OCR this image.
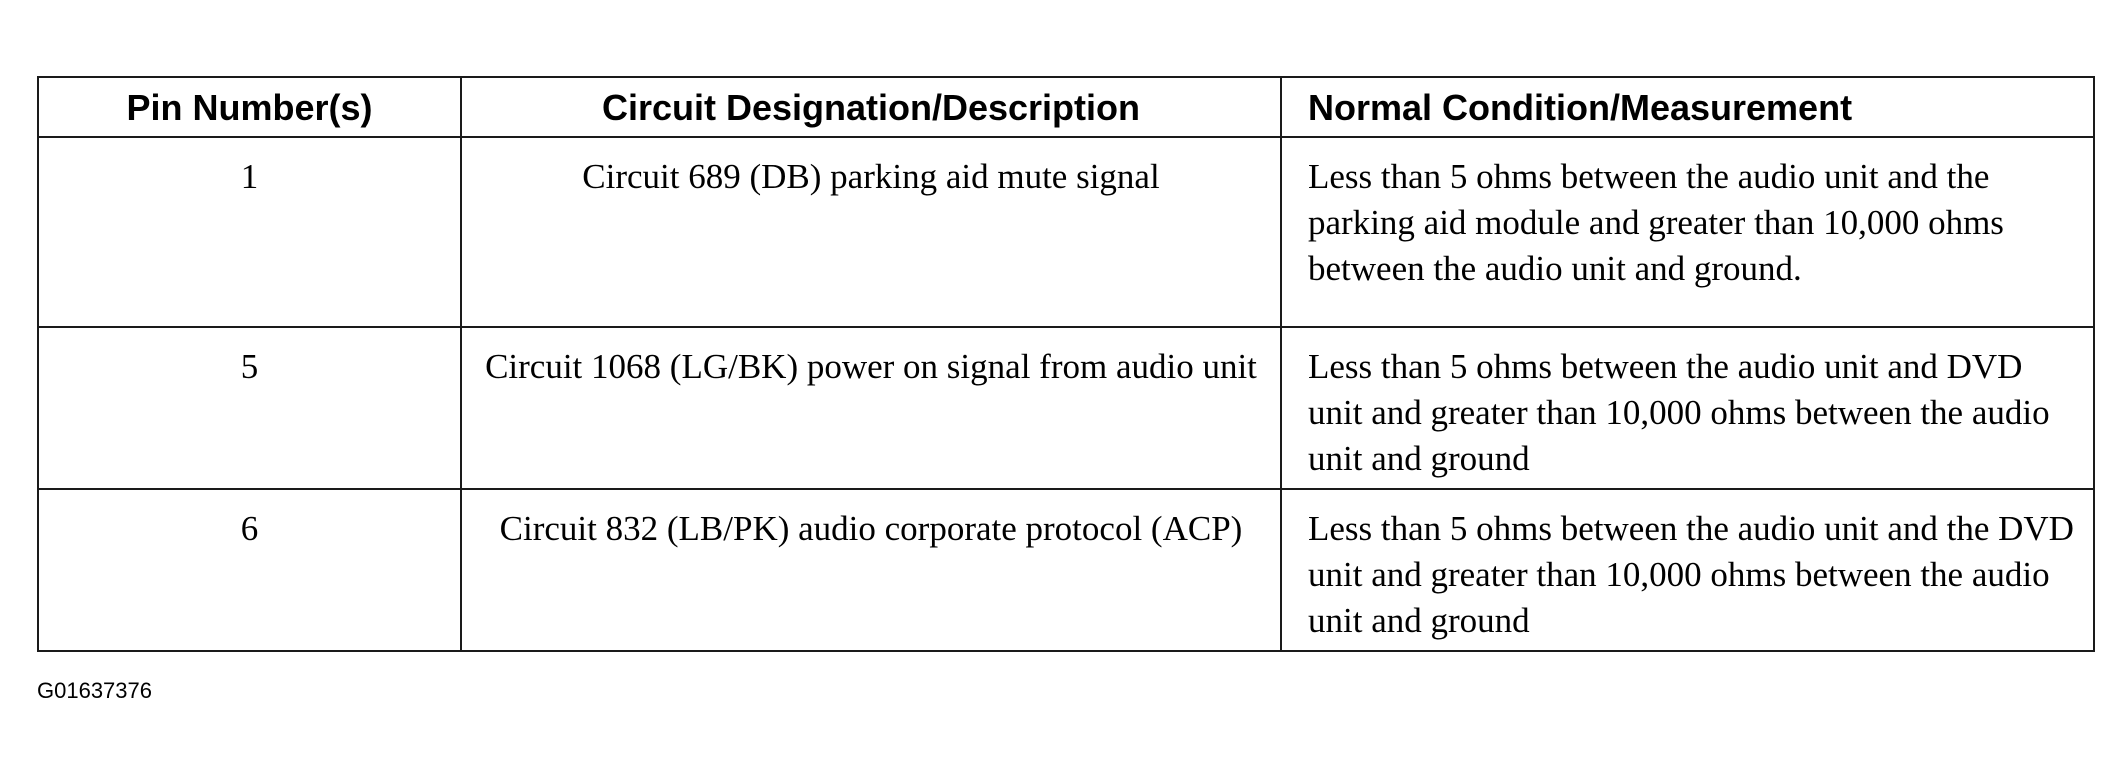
Pin Number(s)	Circuit Designation/Description	Normal Condition/Measurement
1	Circuit 689 (DB) parking aid mute signal	Less than 5 ohms between the audio unit and the parking aid module and greater than 10,000 ohms between the audio unit and ground.
5	Circuit 1068 (LG/BK) power on signal from audio unit	Less than 5 ohms between the audio unit and DVD unit and greater than 10,000 ohms between the audio unit and ground
6	Circuit 832 (LB/PK) audio corporate protocol (ACP)	Less than 5 ohms between the audio unit and the DVD unit and greater than 10,000 ohms between the audio unit and ground
G01637376
